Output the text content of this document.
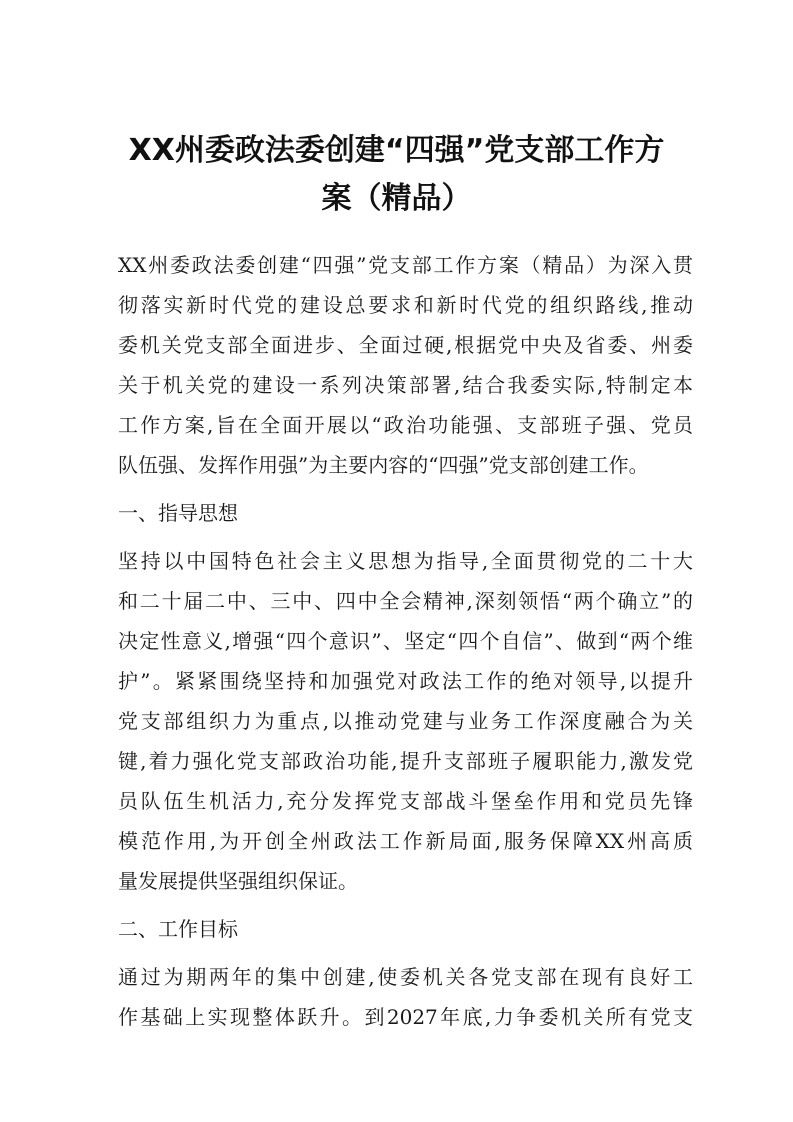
XX州委政法委创建“四强”党支部工作方
案（精品）
XX州委政法委创建“四强”党支部工作方案（精品）为深入贯
彻落实新时代党的建设总要求和新时代党的组织路线,推动
委机关党支部全面进步、全面过硬,根据党中央及省委、州委
关于机关党的建设一系列决策部署,结合我委实际,特制定本
工作方案,旨在全面开展以“政治功能强、支部班子强、党员
队伍强、发挥作用强”为主要内容的“四强”党支部创建工作。
一、指导思想
坚持以中国特色社会主义思想为指导,全面贯彻党的二十大
和二十届二中、三中、四中全会精神,深刻领悟“两个确立”的
决定性意义,增强“四个意识”、坚定“四个自信”、做到“两个维
护”。紧紧围绕坚持和加强党对政法工作的绝对领导,以提升
党支部组织力为重点,以推动党建与业务工作深度融合为关
键,着力强化党支部政治功能,提升支部班子履职能力,激发党
员队伍生机活力,充分发挥党支部战斗堡垒作用和党员先锋
模范作用,为开创全州政法工作新局面,服务保障XX州高质
量发展提供坚强组织保证。
二、工作目标
通过为期两年的集中创建,使委机关各党支部在现有良好工
作基础上实现整体跃升。到2027年底,力争委机关所有党支
